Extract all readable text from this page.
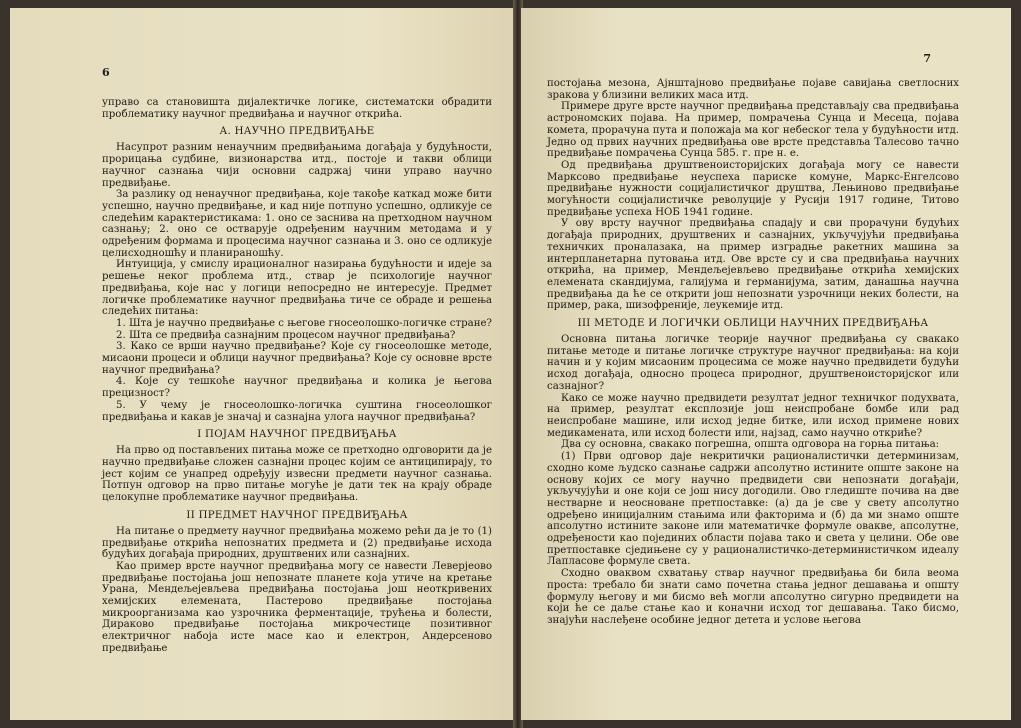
6

управо са становишта дијалектичке логике, систематски обрадити проблематику научног предвиђања и научног открића.

А. НАУЧНО ПРЕДВИЂАЊЕ

Насупрот разним ненаучним предвиђањима догађаја у будућности, прорицања судбине, визионарства итд., постоје и такви облици научног сазнања чији основни садржај чини управо научно предвиђање.

За разлику од ненаучног предвиђања, које такође каткад може бити успешно, научно предвиђање, и кад није потпуно успешно, одликује се следећим карактеристикама: 1. оно се заснива на претходном научном сазнању; 2. оно се остварује одређеним научним методама и у одређеним формама и процесима научног сазнања и 3. оно се одликује целисходношћу и планираношћу.

Интуиција, у смислу ирационалног назирања будућности и идеје за решење неког проблема итд., ствар је психологије научног предвиђања, које нас у логици непосредно не интересује. Предмет логичке проблематике научног предвиђања тиче се обраде и решења следећих питања:

1. Шта је научно предвиђање с његове гносеолошко-логичке стране?

2. Шта се предвиђа сазнајним процесом научног предвиђања?

3. Како се врши научно предвиђање? Које су гносеолошке методе, мисаони процеси и облици научног предвиђања? Које су основне врсте научног предвиђања?

4. Које су тешкоће научног предвиђања и колика је његова прецизност?

5. У чему је гносеолошко-логичка суштина гносеолошког предвиђања и какав је значај и сазнајна улога научног предвиђања?

I ПОЈАМ НАУЧНОГ ПРЕДВИЂАЊА

На прво од постављених питања може се претходно одговорити да је научно предвиђање сложен сазнајни процес којим се антиципирају, то јест којим се унапред одређују извесни предмети научног сазнања. Потпун одговор на прво питање могуће је дати тек на крају обраде целокупне проблематике научног предвиђања.

II ПРЕДМЕТ НАУЧНОГ ПРЕДВИЂАЊА

На питање о предмету научног предвиђања можемо рећи да је то (1) предвиђање открића непознатих предмета и (2) предвиђање исхода будућих догађаја природних, друштвених или сазнајних.

Као пример врсте научног предвиђања могу се навести Леверјеово предвиђање постојања још непознате планете која утиче на кретање Урана, Мендељејевљева предвиђања постојања још неоткривених хемијских елемената, Пастерово предвиђање постојања микроорганизама као узрочника ферментације, трућења и болести, Дираково предвиђање постојања микрочестице позитивног електричног набоја исте масе као и електрон, Андерсеново предвиђање

7

постојања мезона, Ајнштајново предвиђање појаве савијања светлосних зракова у близини великих маса итд.

Примере друге врсте научног предвиђања представљају сва предвиђања астрономских појава. На пример, помрачења Сунца и Месеца, појава комета, прорачуна пута и положаја ма ког небеског тела у будућности итд. Једно од првих научних предвиђања ове врсте представља Талесово тачно предвиђање помрачења Сунца 585. г. пре н. е.

Од предвиђања друштвеноисторијских догађаја могу се навести Марксово предвиђање неуспеха париске комуне, Маркс-Енгелсово предвиђање нужности социјалистичког друштва, Лењиново предвиђање могућности социјалистичке револуције у Русији 1917 године, Титово предвиђање успеха НОБ 1941 године.

У ову врсту научног предвиђања спадају и сви прорачуни будућих догађаја природних, друштвених и сазнајних, укључујући предвиђања техничких проналазака, на пример изградње ракетних машина за интерпланетарна путовања итд. Ове врсте су и сва предвиђања научних открића, на пример, Мендељејевљево предвиђање открића хемијских елемената скандијума, галијума и германијума, затим, данашња научна предвиђања да ће се открити још непознати узрочници неких болести, на пример, рака, шизофреније, леукемије итд.

III МЕТОДЕ И ЛОГИЧКИ ОБЛИЦИ НАУЧНИХ ПРЕДВИЂАЊА

Основна питања логичке теорије научног предвиђања су свакако питање методе и питање логичке структуре научног предвиђања: на који начин и у којим мисаоним процесима се може научно предвидети будући исход догађаја, односно процеса природног, друштвеноисторијског или сазнајног?

Како се може научно предвидети резултат једног техничког подухвата, на пример, резултат експлозије још неиспробане бомбе или рад неиспробане машине, или исход једне битке, или исход примене нових медикамената, или исход болести или, најзад, само научно откриће?

Два су основна, свакако погрешна, општа одговора на горња питања:

(1) Први одговор даје некритички рационалистички детерминизам, сходно коме људско сазнање садржи апсолутно истините опште законе на основу којих се могу научно предвидети сви непознати догађаји, укључујући и оне који се још нису догодили. Ово гледиште почива на две нестварне и неосноване претпоставке: (а) да је све у свету апсолутно одређено иницијалним стањима или факторима и (б) да ми знамо опште апсолутно истините законе или математичке формуле оваквe, апсолутне, одређености као појединих области појава тако и света у целини. Обе ове претпоставке сједињене су у рационалистичко-детерминистичком идеалу Лапласове формуле света.

Сходно оваквом схватању ствар научног предвиђања би била веома проста: требало би знати само почетна стања једног дешавања и општу формулу његову и ми бисмо већ могли апсолутно сигурно предвидети на који ће се даље стање као и коначни исход тог дешавања. Тако бисмо, знајући наслеђене особине једног детета и услове његова
